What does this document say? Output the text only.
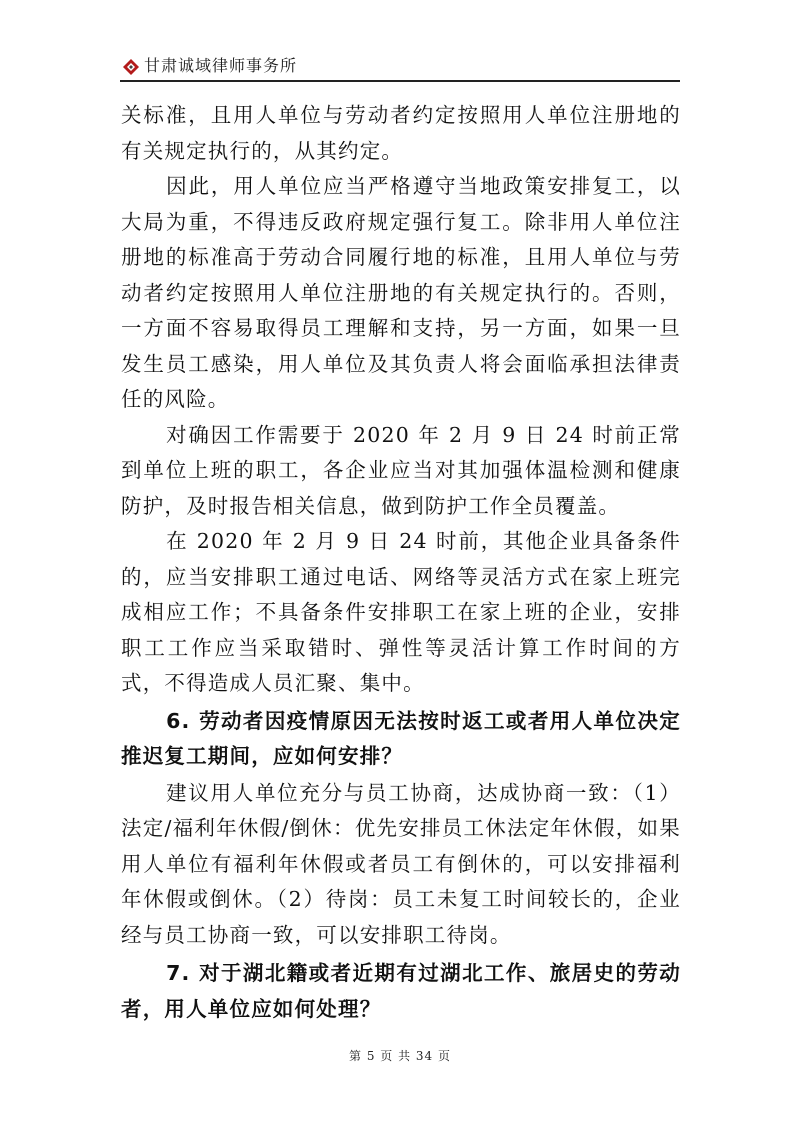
甘肃诚域律师事务所

关标准，且用人单位与劳动者约定按照用人单位注册地的有关规定执行的，从其约定。

因此，用人单位应当严格遵守当地政策安排复工，以大局为重，不得违反政府规定强行复工。除非用人单位注册地的标准高于劳动合同履行地的标准，且用人单位与劳动者约定按照用人单位注册地的有关规定执行的。否则，一方面不容易取得员工理解和支持，另一方面，如果一旦发生员工感染，用人单位及其负责人将会面临承担法律责任的风险。

对确因工作需要于 2020 年 2 月 9 日 24 时前正常到单位上班的职工，各企业应当对其加强体温检测和健康防护，及时报告相关信息，做到防护工作全员覆盖。

在 2020 年 2 月 9 日 24 时前，其他企业具备条件的，应当安排职工通过电话、网络等灵活方式在家上班完成相应工作；不具备条件安排职工在家上班的企业，安排职工工作应当采取错时、弹性等灵活计算工作时间的方式，不得造成人员汇聚、集中。

6. 劳动者因疫情原因无法按时返工或者用人单位决定推迟复工期间，应如何安排？

建议用人单位充分与员工协商，达成协商一致：（1）法定/福利年休假/倒休：优先安排员工休法定年休假，如果用人单位有福利年休假或者员工有倒休的，可以安排福利年休假或倒休。（2）待岗：员工未复工时间较长的，企业经与员工协商一致，可以安排职工待岗。

7. 对于湖北籍或者近期有过湖北工作、旅居史的劳动者，用人单位应如何处理？

第 5 页 共 34 页
